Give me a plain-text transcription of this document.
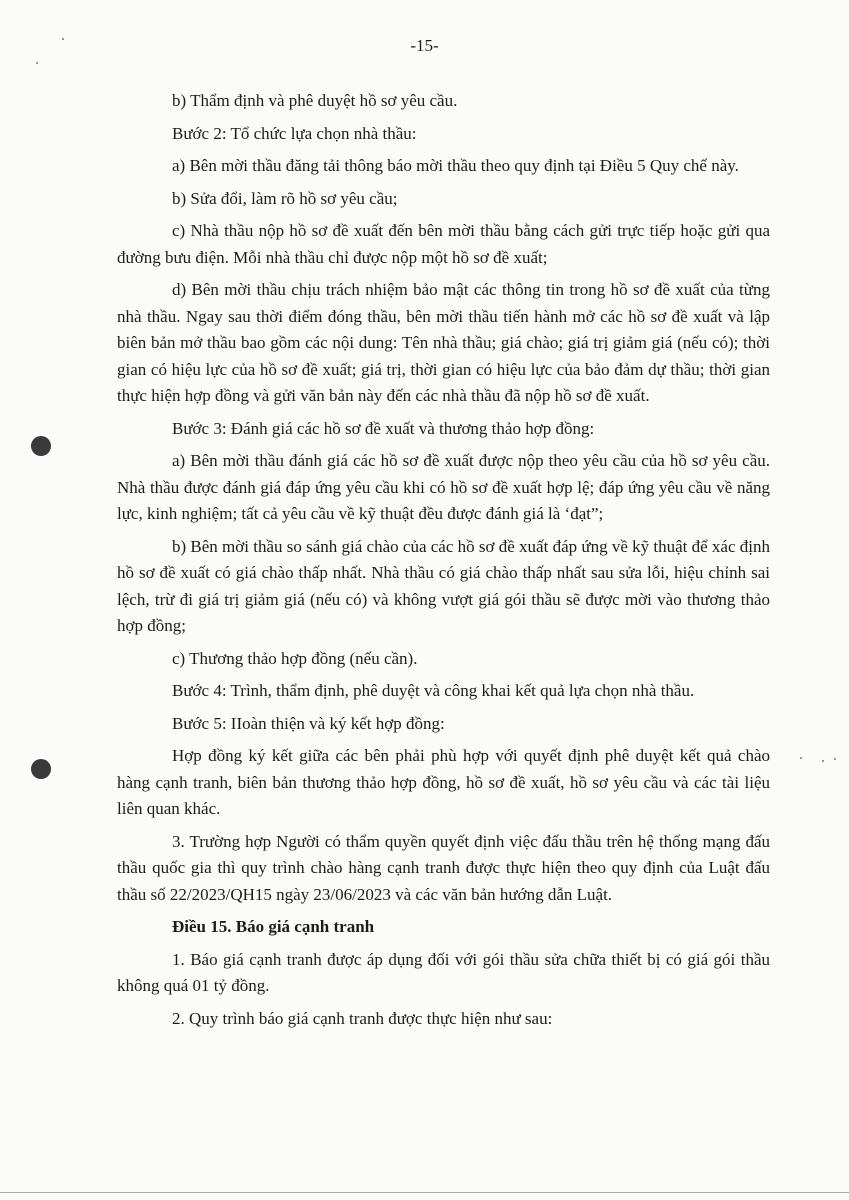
-15-

b) Thẩm định và phê duyệt hồ sơ yêu cầu.

Bước 2: Tổ chức lựa chọn nhà thầu:

a) Bên mời thầu đăng tải thông báo mời thầu theo quy định tại Điều 5 Quy chế này.

b) Sửa đổi, làm rõ hồ sơ yêu cầu;

c) Nhà thầu nộp hồ sơ đề xuất đến bên mời thầu bằng cách gửi trực tiếp hoặc gửi qua đường bưu điện. Mỗi nhà thầu chỉ được nộp một hồ sơ đề xuất;

d) Bên mời thầu chịu trách nhiệm bảo mật các thông tin trong hồ sơ đề xuất của từng nhà thầu. Ngay sau thời điểm đóng thầu, bên mời thầu tiến hành mở các hồ sơ đề xuất và lập biên bản mở thầu bao gồm các nội dung: Tên nhà thầu; giá chào; giá trị giảm giá (nếu có); thời gian có hiệu lực của hồ sơ đề xuất; giá trị, thời gian có hiệu lực của bảo đảm dự thầu; thời gian thực hiện hợp đồng và gửi văn bản này đến các nhà thầu đã nộp hồ sơ đề xuất.

Bước 3: Đánh giá các hồ sơ đề xuất và thương thảo hợp đồng:

a) Bên mời thầu đánh giá các hồ sơ đề xuất được nộp theo yêu cầu của hồ sơ yêu cầu. Nhà thầu được đánh giá đáp ứng yêu cầu khi có hồ sơ đề xuất hợp lệ; đáp ứng yêu cầu về năng lực, kinh nghiệm; tất cả yêu cầu về kỹ thuật đều được đánh giá là ‘đạt”;

b) Bên mời thầu so sánh giá chào của các hồ sơ đề xuất đáp ứng về kỹ thuật để xác định hồ sơ đề xuất có giá chào thấp nhất. Nhà thầu có giá chào thấp nhất sau sửa lỗi, hiệu chỉnh sai lệch, trừ đi giá trị giảm giá (nếu có) và không vượt giá gói thầu sẽ được mời vào thương thảo hợp đồng;

c) Thương thảo hợp đồng (nếu cần).

Bước 4: Trình, thẩm định, phê duyệt và công khai kết quả lựa chọn nhà thầu.

Bước 5: IIoàn thiện và ký kết hợp đồng:

Hợp đồng ký kết giữa các bên phải phù hợp với quyết định phê duyệt kết quả chào hàng cạnh tranh, biên bản thương thảo hợp đồng, hồ sơ đề xuất, hồ sơ yêu cầu và các tài liệu liên quan khác.

3. Trường hợp Người có thẩm quyền quyết định việc đấu thầu trên hệ thống mạng đấu thầu quốc gia thì quy trình chào hàng cạnh tranh được thực hiện theo quy định của Luật đấu thầu số 22/2023/QH15 ngày 23/06/2023 và các văn bản hướng dẫn Luật.

Điều 15. Báo giá cạnh tranh

1. Báo giá cạnh tranh được áp dụng đối với gói thầu sửa chữa thiết bị có giá gói thầu không quá 01 tỷ đồng.

2. Quy trình báo giá cạnh tranh được thực hiện như sau:
